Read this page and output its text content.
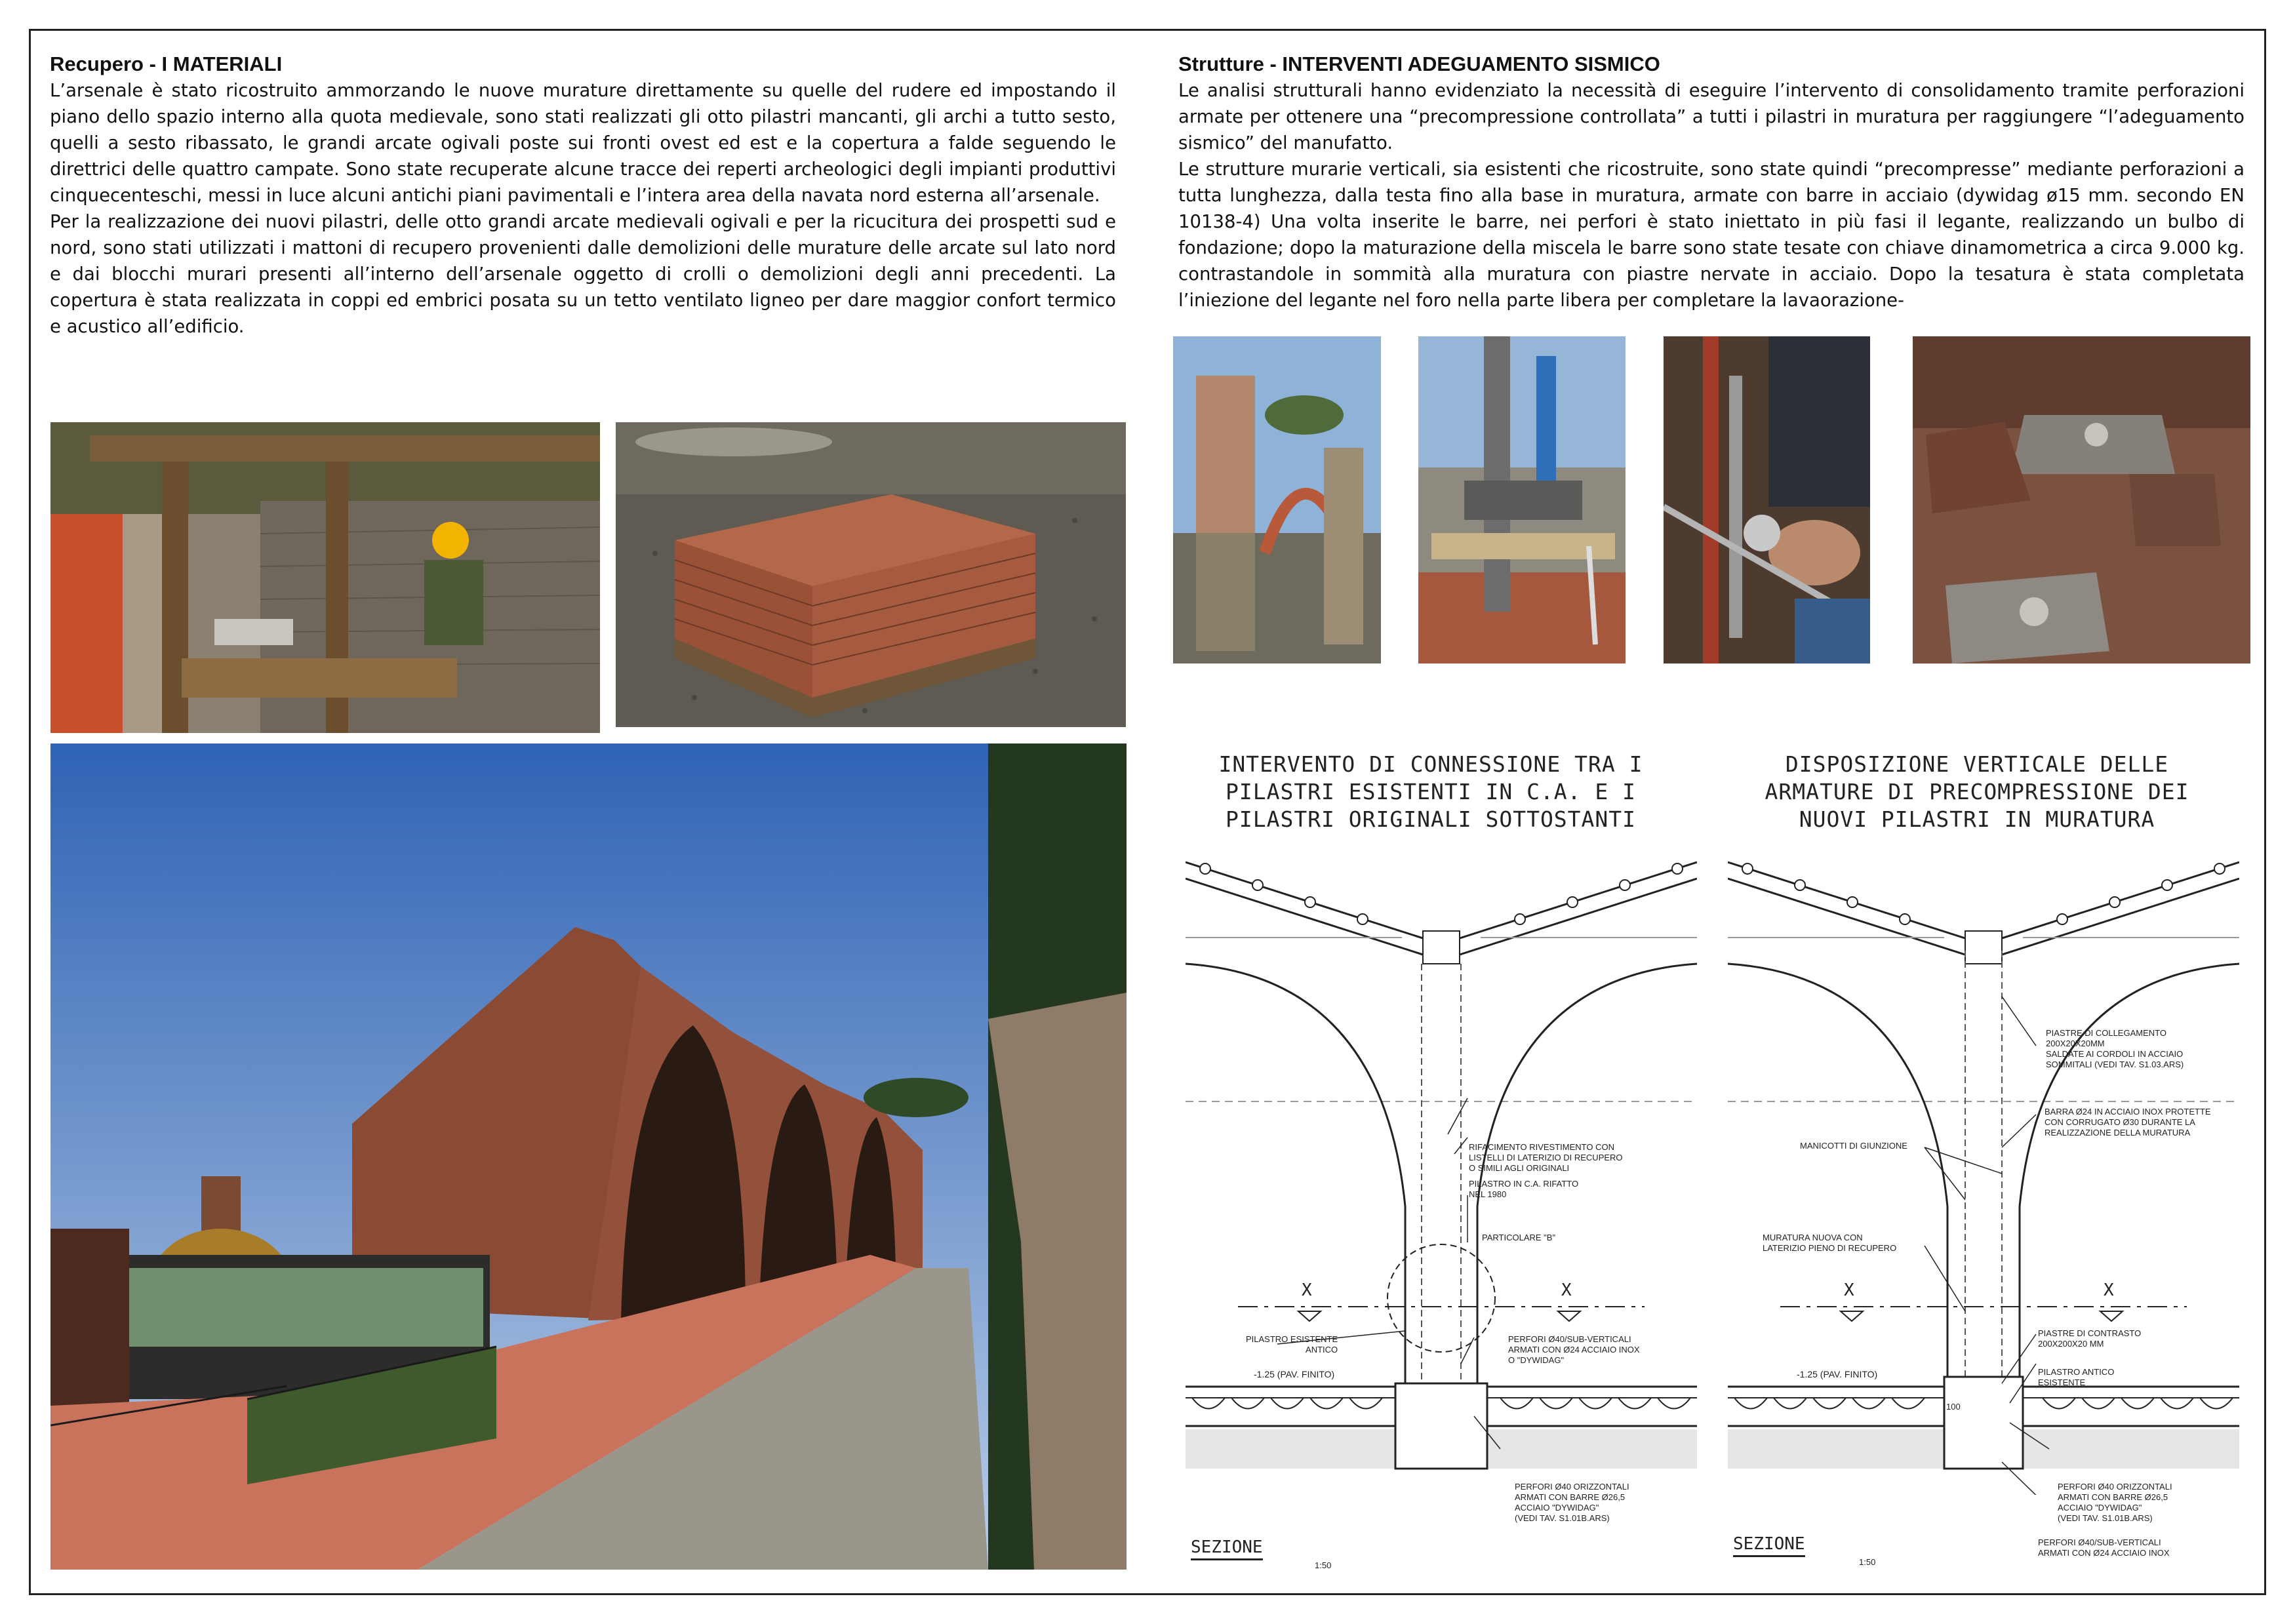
Recupero - I MATERIALI

L’arsenale è stato ricostruito ammorzando le nuove murature direttamente su quelle del rudere ed impostando il piano dello spazio interno alla quota medievale, sono stati realizzati gli otto pilastri mancanti, gli archi a tutto sesto, quelli a sesto ribassato, le grandi arcate ogivali poste sui fronti ovest ed est e la copertura a falde seguendo le direttrici delle quattro campate. Sono state recuperate alcune tracce dei reperti archeologici degli impianti produttivi cinquecenteschi, messi in luce alcuni antichi piani pavimentali e l’intera area della navata nord esterna all’arsenale.

Per la realizzazione dei nuovi pilastri, delle otto grandi arcate medievali ogivali e per la ricucitura dei prospetti sud e nord, sono stati utilizzati i mattoni di recupero provenienti dalle demolizioni delle murature delle arcate sul lato nord e dai blocchi murari presenti all’interno dell’arsenale oggetto di crolli o demolizioni degli anni precedenti. La copertura è stata realizzata in coppi ed embrici posata su un tetto ventilato ligneo per dare maggior confort termico e acustico all’edificio.

Strutture - INTERVENTI ADEGUAMENTO SISMICO

Le analisi strutturali hanno evidenziato la necessità di eseguire l’intervento di consolidamento tramite perforazioni armate per ottenere una “precompressione controllata” a tutti i pilastri in muratura per raggiungere “l’adeguamento sismico” del manufatto.

Le strutture murarie verticali, sia esistenti che ricostruite, sono state quindi “precompresse” mediante perforazioni a tutta lunghezza, dalla testa fino alla base in muratura, armate con barre in acciaio (dywidag ø15 mm. secondo EN 10138-4) Una volta inserite le barre, nei perfori è stato iniettato in più fasi il legante, realizzando un bulbo di fondazione; dopo la maturazione della miscela le barre sono state tesate con chiave dinamometrica a circa 9.000 kg. contrastandole in sommità alla muratura con piastre nervate in acciaio. Dopo la tesatura è stata completata l’iniezione del legante nel foro nella parte libera per completare la lavaorazione-

INTERVENTO DI CONNESSIONE TRA I PILASTRI ESISTENTI IN C.A. E I PILASTRI ORIGINALI SOTTOSTANTI
RIFACIMENTO RIVESTIMENTO CON
LISTELLI DI LATERIZIO DI RECUPERO
O SIMILI AGLI ORIGINALI
PILASTRO IN C.A. RIFATTO
NEL 1980
PARTICOLARE "B"
PILASTRO ESISTENTE
ANTICO
PERFORI Ø40/SUB-VERTICALI
ARMATI CON Ø24 ACCIAIO INOX
O "DYWIDAG"
PERFORI Ø40 ORIZZONTALI
ARMATI CON BARRE Ø26,5
ACCIAIO "DYWIDAG"
(VEDI TAV. S1.01B.ARS)
-1.25 (PAV. FINITO)
X	X
SEZIONE
1:50
DISPOSIZIONE VERTICALE DELLE ARMATURE DI PRECOMPRESSIONE DEI NUOVI PILASTRI IN MURATURA
PIASTRE DI COLLEGAMENTO
200X20X20MM
SALDATE AI CORDOLI IN ACCIAIO
SOMMITALI (VEDI TAV. S1.03.ARS)
BARRA Ø24 IN ACCIAIO INOX PROTETTE
CON CORRUGATO Ø30 DURANTE LA
REALIZZAZIONE DELLA MURATURA
MANICOTTI DI GIUNZIONE
MURATURA NUOVA CON
LATERIZIO PIENO DI RECUPERO
PIASTRE DI CONTRASTO
200X200X20 MM
PILASTRO ANTICO
ESISTENTE
PERFORI Ø40 ORIZZONTALI
ARMATI CON BARRE Ø26,5
ACCIAIO "DYWIDAG"
(VEDI TAV. S1.01B.ARS)
PERFORI Ø40/SUB-VERTICALI
ARMATI CON Ø24 ACCIAIO INOX
100
-1.25 (PAV. FINITO)
X	X
SEZIONE
1:50
